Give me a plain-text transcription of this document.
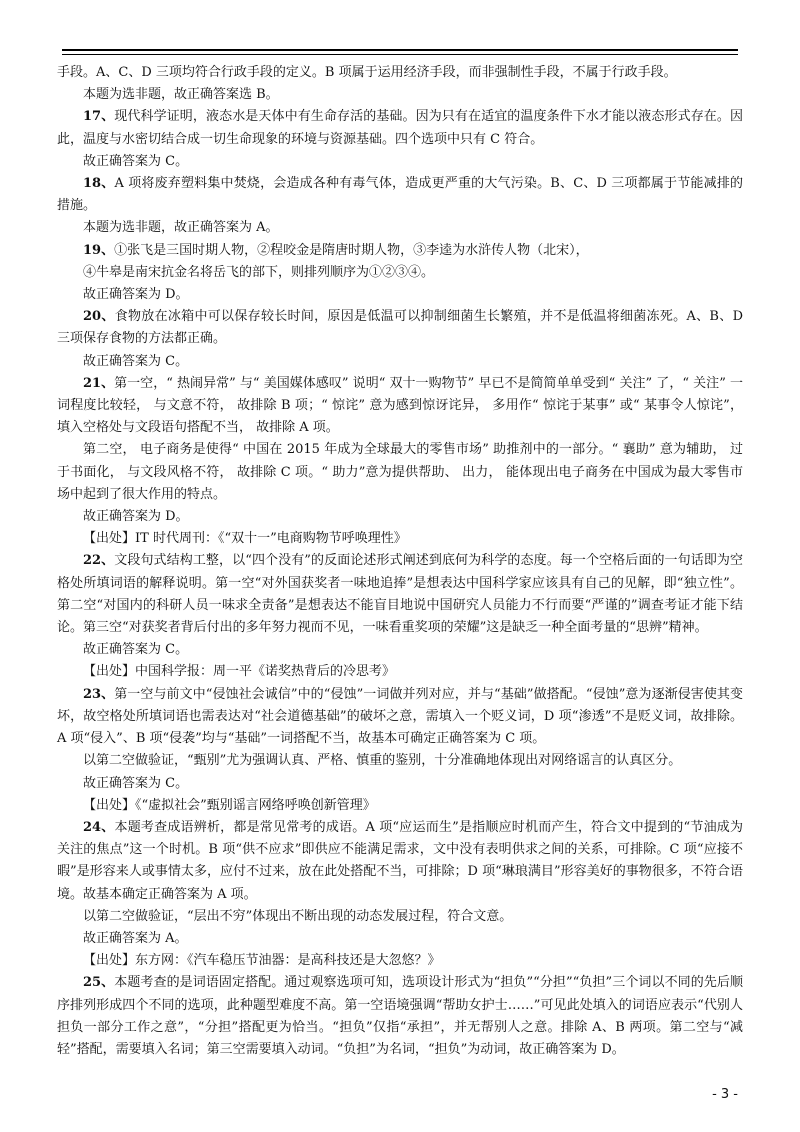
手段。A、C、D 三项均符合行政手段的定义。B 项属于运用经济手段，而非强制性手段，不属于行政手段。

本题为选非题，故正确答案选 B。

17、现代科学证明，液态水是天体中有生命存活的基础。因为只有在适宜的温度条件下水才能以液态形式存在。因此，温度与水密切结合成一切生命现象的环境与资源基础。四个选项中只有 C 符合。

故正确答案为 C。

18、A 项将废弃塑料集中焚烧，会造成各种有毒气体，造成更严重的大气污染。B、C、D 三项都属于节能减排的措施。

本题为选非题，故正确答案为 A。

19、①张飞是三国时期人物，②程咬金是隋唐时期人物，③李逵为水浒传人物（北宋），

④牛皋是南宋抗金名将岳飞的部下，则排列顺序为①②③④。

故正确答案为 D。

20、食物放在冰箱中可以保存较长时间，原因是低温可以抑制细菌生长繁殖，并不是低温将细菌冻死。A、B、D 三项保存食物的方法都正确。

故正确答案为 C。

21、第一空，“ 热闹异常” 与“ 美国媒体感叹” 说明“ 双十一购物节” 早已不是简简单单受到“ 关注” 了，“ 关注” 一词程度比较轻， 与文意不符， 故排除 B 项；“ 惊诧” 意为感到惊讶诧异， 多用作“ 惊诧于某事” 或“ 某事令人惊诧”， 填入空格处与文段语句搭配不当， 故排除 A 项。

第二空， 电子商务是使得“ 中国在 2015 年成为全球最大的零售市场” 助推剂中的一部分。“ 襄助” 意为辅助， 过于书面化， 与文段风格不符， 故排除 C 项。“ 助力”意为提供帮助、 出力， 能体现出电子商务在中国成为最大零售市场中起到了很大作用的特点。

故正确答案为 D。

【出处】IT 时代周刊：《“双十一”电商购物节呼唤理性》

22、文段句式结构工整，以“四个没有”的反面论述形式阐述到底何为科学的态度。每一个空格后面的一句话即为空格处所填词语的解释说明。第一空“对外国获奖者一味地追捧”是想表达中国科学家应该具有自己的见解，即“独立性”。第二空“对国内的科研人员一味求全责备”是想表达不能盲目地说中国研究人员能力不行而要“严谨的”调查考证才能下结论。第三空“对获奖者背后付出的多年努力视而不见，一味看重奖项的荣耀”这是缺乏一种全面考量的“思辨”精神。

故正确答案为 C。

【出处】中国科学报：周一平《诺奖热背后的冷思考》

23、第一空与前文中“侵蚀社会诚信”中的“侵蚀”一词做并列对应，并与“基础”做搭配。“侵蚀”意为逐渐侵害使其变坏，故空格处所填词语也需表达对“社会道德基础”的破坏之意，需填入一个贬义词，D 项“渗透”不是贬义词，故排除。A 项“侵入”、B 项“侵袭”均与“基础”一词搭配不当，故基本可确定正确答案为 C 项。

以第二空做验证，“甄别”尤为强调认真、严格、慎重的鉴别，十分准确地体现出对网络谣言的认真区分。

故正确答案为 C。

【出处】《“虚拟社会”甄别谣言网络呼唤创新管理》

24、本题考查成语辨析，都是常见常考的成语。A 项“应运而生”是指顺应时机而产生，符合文中提到的“节油成为关注的焦点”这一个时机。B 项“供不应求”即供应不能满足需求，文中没有表明供求之间的关系，可排除。C 项“应接不暇”是形容来人或事情太多，应付不过来，放在此处搭配不当，可排除；D 项“琳琅满目”形容美好的事物很多，不符合语境。故基本确定正确答案为 A 项。

以第二空做验证，“层出不穷”体现出不断出现的动态发展过程，符合文意。

故正确答案为 A。

【出处】东方网：《汽车稳压节油器：是高科技还是大忽悠？》

25、本题考查的是词语固定搭配。通过观察选项可知，选项设计形式为“担负”“分担”“负担”三个词以不同的先后顺序排列形成四个不同的选项，此种题型难度不高。第一空语境强调“帮助女护士……”可见此处填入的词语应表示“代别人担负一部分工作之意”，“分担”搭配更为恰当。“担负”仅指“承担”，并无帮别人之意。排除 A、B 两项。第二空与“减轻”搭配，需要填入名词；第三空需要填入动词。“负担”为名词，“担负”为动词，故正确答案为 D。

- 3 -
